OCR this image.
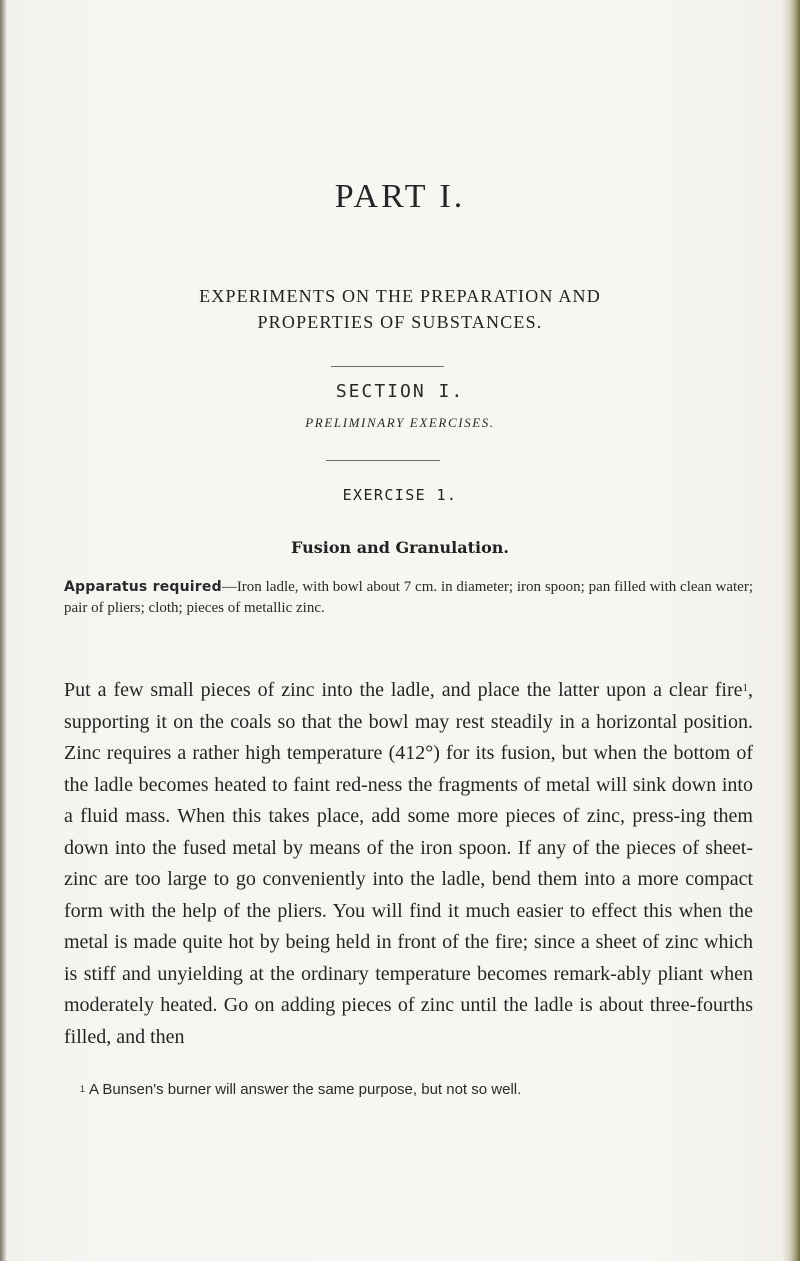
PART I.
EXPERIMENTS ON THE PREPARATION AND
PROPERTIES OF SUBSTANCES.
SECTION I.
PRELIMINARY EXERCISES.
EXERCISE 1.
Fusion and Granulation.
Apparatus required—Iron ladle, with bowl about 7 cm. in diameter; iron spoon; pan filled with clean water; pair of pliers; cloth; pieces of metallic zinc.
Put a few small pieces of zinc into the ladle, and place the latter upon a clear fire$^1$, supporting it on the coals so that the bowl may rest steadily in a horizontal position. Zinc requires a rather high temperature (412°) for its fusion, but when the bottom of the ladle becomes heated to faint red-ness the fragments of metal will sink down into a fluid mass. When this takes place, add some more pieces of zinc, press-ing them down into the fused metal by means of the iron spoon. If any of the pieces of sheet-zinc are too large to go conveniently into the ladle, bend them into a more compact form with the help of the pliers. You will find it much easier to effect this when the metal is made quite hot by being held in front of the fire; since a sheet of zinc which is stiff and unyielding at the ordinary temperature becomes remark-ably pliant when moderately heated. Go on adding pieces of zinc until the ladle is about three-fourths filled, and then
$^1$ A Bunsen's burner will answer the same purpose, but not so well.
